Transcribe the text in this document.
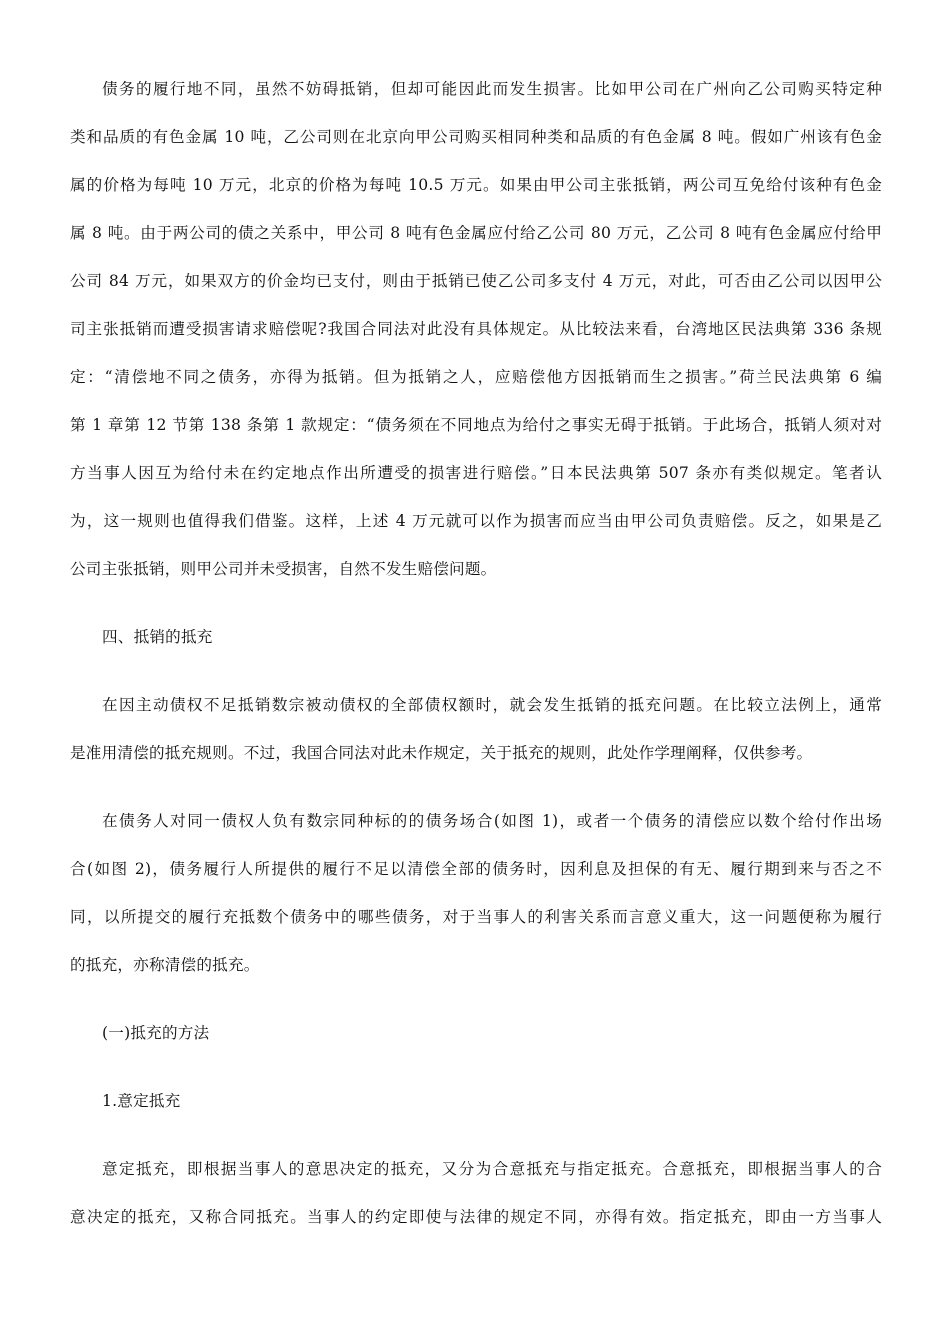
债务的履行地不同，虽然不妨碍抵销，但却可能因此而发生损害。比如甲公司在广州向乙公司购买特定种
类和品质的有色金属 10 吨，乙公司则在北京向甲公司购买相同种类和品质的有色金属 8 吨。假如广州该有色金
属的价格为每吨 10 万元，北京的价格为每吨 10.5 万元。如果由甲公司主张抵销，两公司互免给付该种有色金
属 8 吨。由于两公司的债之关系中，甲公司 8 吨有色金属应付给乙公司 80 万元，乙公司 8 吨有色金属应付给甲
公司 84 万元，如果双方的价金均已支付，则由于抵销已使乙公司多支付 4 万元，对此，可否由乙公司以因甲公
司主张抵销而遭受损害请求赔偿呢?我国合同法对此没有具体规定。从比较法来看，台湾地区民法典第 336 条规
定：“清偿地不同之债务，亦得为抵销。但为抵销之人，应赔偿他方因抵销而生之损害。”荷兰民法典第 6 编
第 1 章第 12 节第 138 条第 1 款规定：“债务须在不同地点为给付之事实无碍于抵销。于此场合，抵销人须对对
方当事人因互为给付未在约定地点作出所遭受的损害进行赔偿。”日本民法典第 507 条亦有类似规定。笔者认
为，这一规则也值得我们借鉴。这样，上述 4 万元就可以作为损害而应当由甲公司负责赔偿。反之，如果是乙
公司主张抵销，则甲公司并未受损害，自然不发生赔偿问题。
四、抵销的抵充
在因主动债权不足抵销数宗被动债权的全部债权额时，就会发生抵销的抵充问题。在比较立法例上，通常
是准用清偿的抵充规则。不过，我国合同法对此未作规定，关于抵充的规则，此处作学理阐释，仅供参考。
在债务人对同一债权人负有数宗同种标的的债务场合(如图 1)，或者一个债务的清偿应以数个给付作出场
合(如图 2)，债务履行人所提供的履行不足以清偿全部的债务时，因利息及担保的有无、履行期到来与否之不
同，以所提交的履行充抵数个债务中的哪些债务，对于当事人的利害关系而言意义重大，这一问题便称为履行
的抵充，亦称清偿的抵充。
(一)抵充的方法
1.意定抵充
意定抵充，即根据当事人的意思决定的抵充，又分为合意抵充与指定抵充。合意抵充，即根据当事人的合
意决定的抵充，又称合同抵充。当事人的约定即使与法律的规定不同，亦得有效。指定抵充，即由一方当事人
